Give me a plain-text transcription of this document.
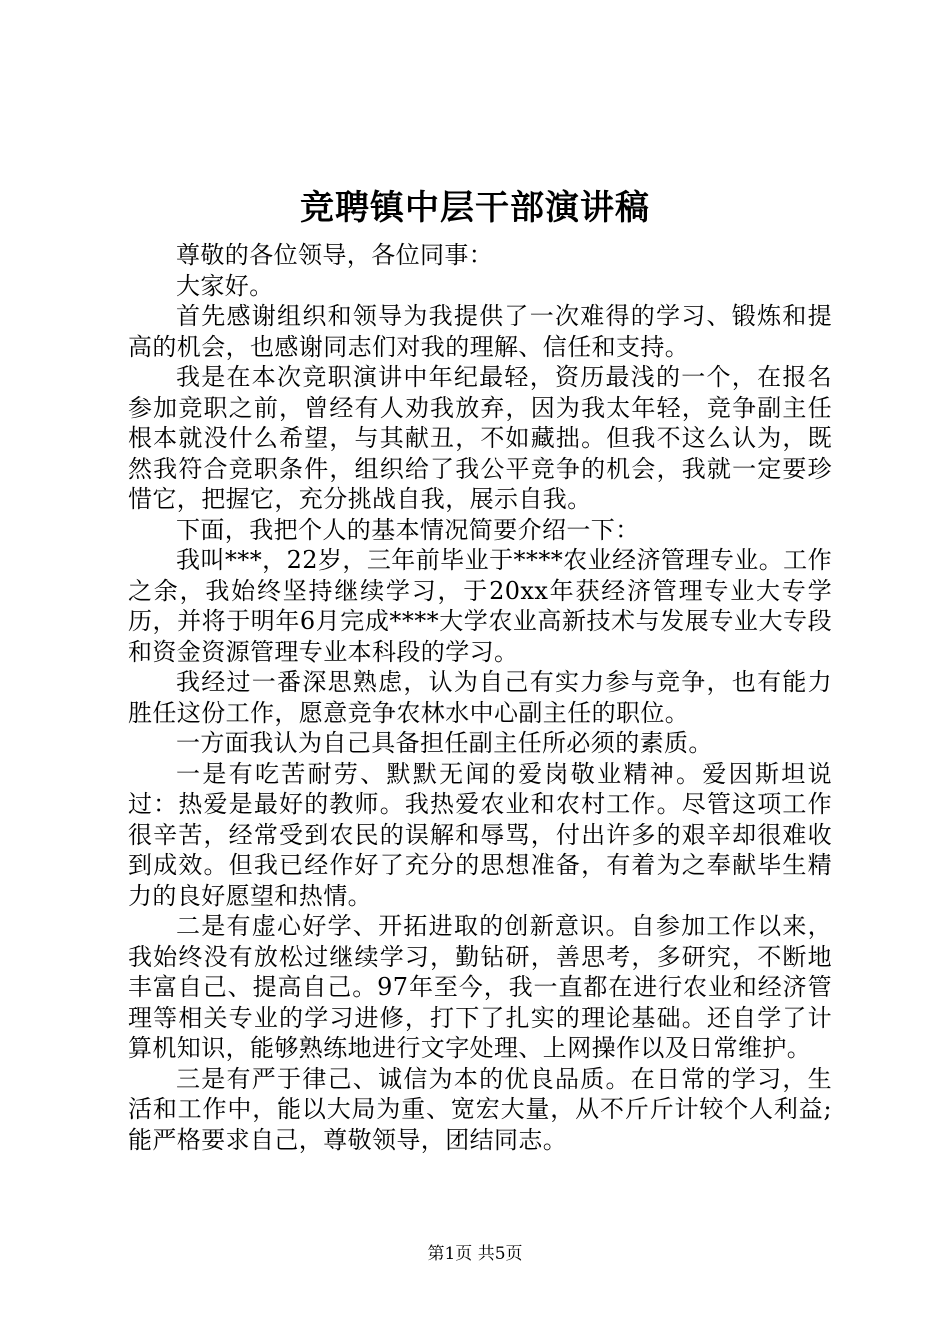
竞聘镇中层干部演讲稿

尊敬的各位领导，各位同事：

大家好。

首先感谢组织和领导为我提供了一次难得的学习、锻炼和提高的机会，也感谢同志们对我的理解、信任和支持。

我是在本次竞职演讲中年纪最轻，资历最浅的一个，在报名参加竞职之前，曾经有人劝我放弃，因为我太年轻，竞争副主任根本就没什么希望，与其献丑，不如藏拙。但我不这么认为，既然我符合竞职条件，组织给了我公平竞争的机会，我就一定要珍惜它，把握它，充分挑战自我，展示自我。

下面，我把个人的基本情况简要介绍一下：

我叫***，22岁，三年前毕业于****农业经济管理专业。工作之余，我始终坚持继续学习，于20xx年获经济管理专业大专学历，并将于明年6月完成****大学农业高新技术与发展专业大专段和资金资源管理专业本科段的学习。

我经过一番深思熟虑，认为自己有实力参与竞争，也有能力胜任这份工作，愿意竞争农林水中心副主任的职位。

一方面我认为自己具备担任副主任所必须的素质。

一是有吃苦耐劳、默默无闻的爱岗敬业精神。爱因斯坦说过：热爱是最好的教师。我热爱农业和农村工作。尽管这项工作很辛苦，经常受到农民的误解和辱骂，付出许多的艰辛却很难收到成效。但我已经作好了充分的思想准备，有着为之奉献毕生精力的良好愿望和热情。

二是有虚心好学、开拓进取的创新意识。自参加工作以来，我始终没有放松过继续学习，勤钻研，善思考，多研究，不断地丰富自己、提高自己。97年至今，我一直都在进行农业和经济管理等相关专业的学习进修，打下了扎实的理论基础。还自学了计算机知识，能够熟练地进行文字处理、上网操作以及日常维护。

三是有严于律己、诚信为本的优良品质。在日常的学习，生活和工作中，能以大局为重、宽宏大量，从不斤斤计较个人利益;能严格要求自己，尊敬领导，团结同志。

第1页 共5页
